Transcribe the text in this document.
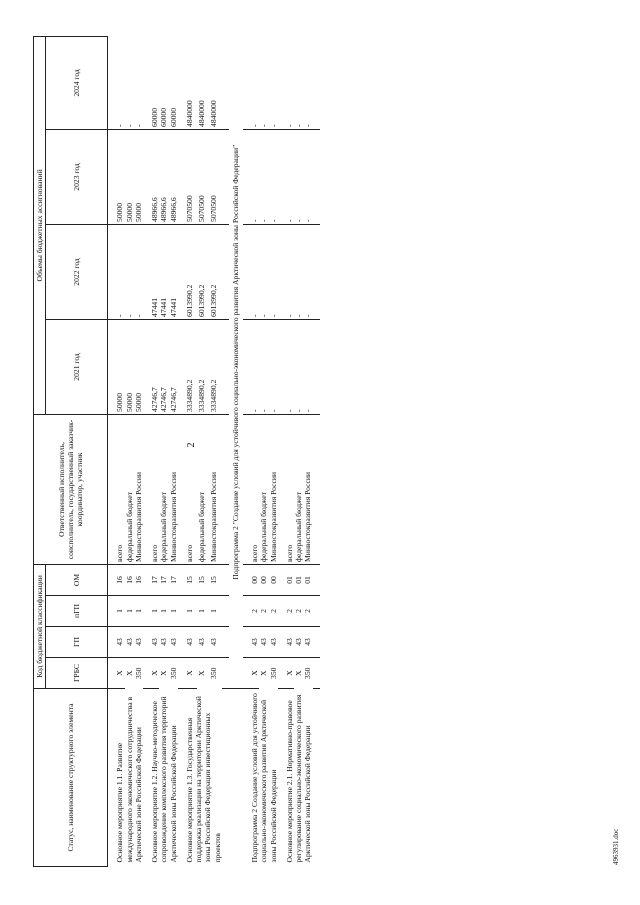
2
Статус, наименование структурного элемента	Код бюджетной классификации				Ответственный исполнитель, соисполнитель, государственный заказчик-координатор, участник	Объемы бюджетных ассигнований			
	ГРБС	ГП	пГП	ОМ		2021 год	2022 год	2023 год	2024 год

Основное мероприятие 1.1. Развитие международного экономического сотрудничества в Арктической зоне Российской Федерации	Х	43	1	16	всего	50000	-	50000	-
	Х	43	1	16	федеральный бюджет	50000	-	50000	-
	350	43	1	16	Минвостокразвития России	50000	-	50000	-

Основное мероприятие 1.2. Научно-методическое сопровождение комплексного развития территорий Арктической зоны Российской Федерации	Х	43	1	17	всего	42746,7	47441	48966,6	60000
	Х	43	1	17	федеральный бюджет	42746,7	47441	48966,6	60000
	350	43	1	17	Минвостокразвития России	42746,7	47441	48966,6	60000

Основное мероприятие 1.3. Государственная поддержка реализации на территории Арктической зоны Российской Федерации инвестиционных проектов	Х	43	1	15	всего	3334890,2	6013990,2	5070500	4840000
	Х	43	1	15	федеральный бюджет	3334890,2	6013990,2	5070500	4840000
	350	43	1	15	Минвостокразвития России	3334890,2	6013990,2	5070500	4840000

	Подпрограмма 2 "Создание условий для устойчивого социально-экономического развития Арктической зоны Российской Федерации"								

Подпрограмма 2 Создание условий для устойчивого социально-экономического развития Арктической зоны Российской Федерации	Х	43	2	00	всего	-	-	-	-
	Х	43	2	00	федеральный бюджет	-	-	-	-
	350	43	2	00	Минвостокразвития России	-	-	-	-

Основное мероприятие 2.1. Нормативно-правовое регулирование социально-экономического развития Арктической зоны Российской Федерации	Х	43	2	01	всего	-	-	-	-
	Х	43	2	01	федеральный бюджет	-	-	-	-
	350	43	2	01	Минвостокразвития России	-	-	-	-

4963931.doc
